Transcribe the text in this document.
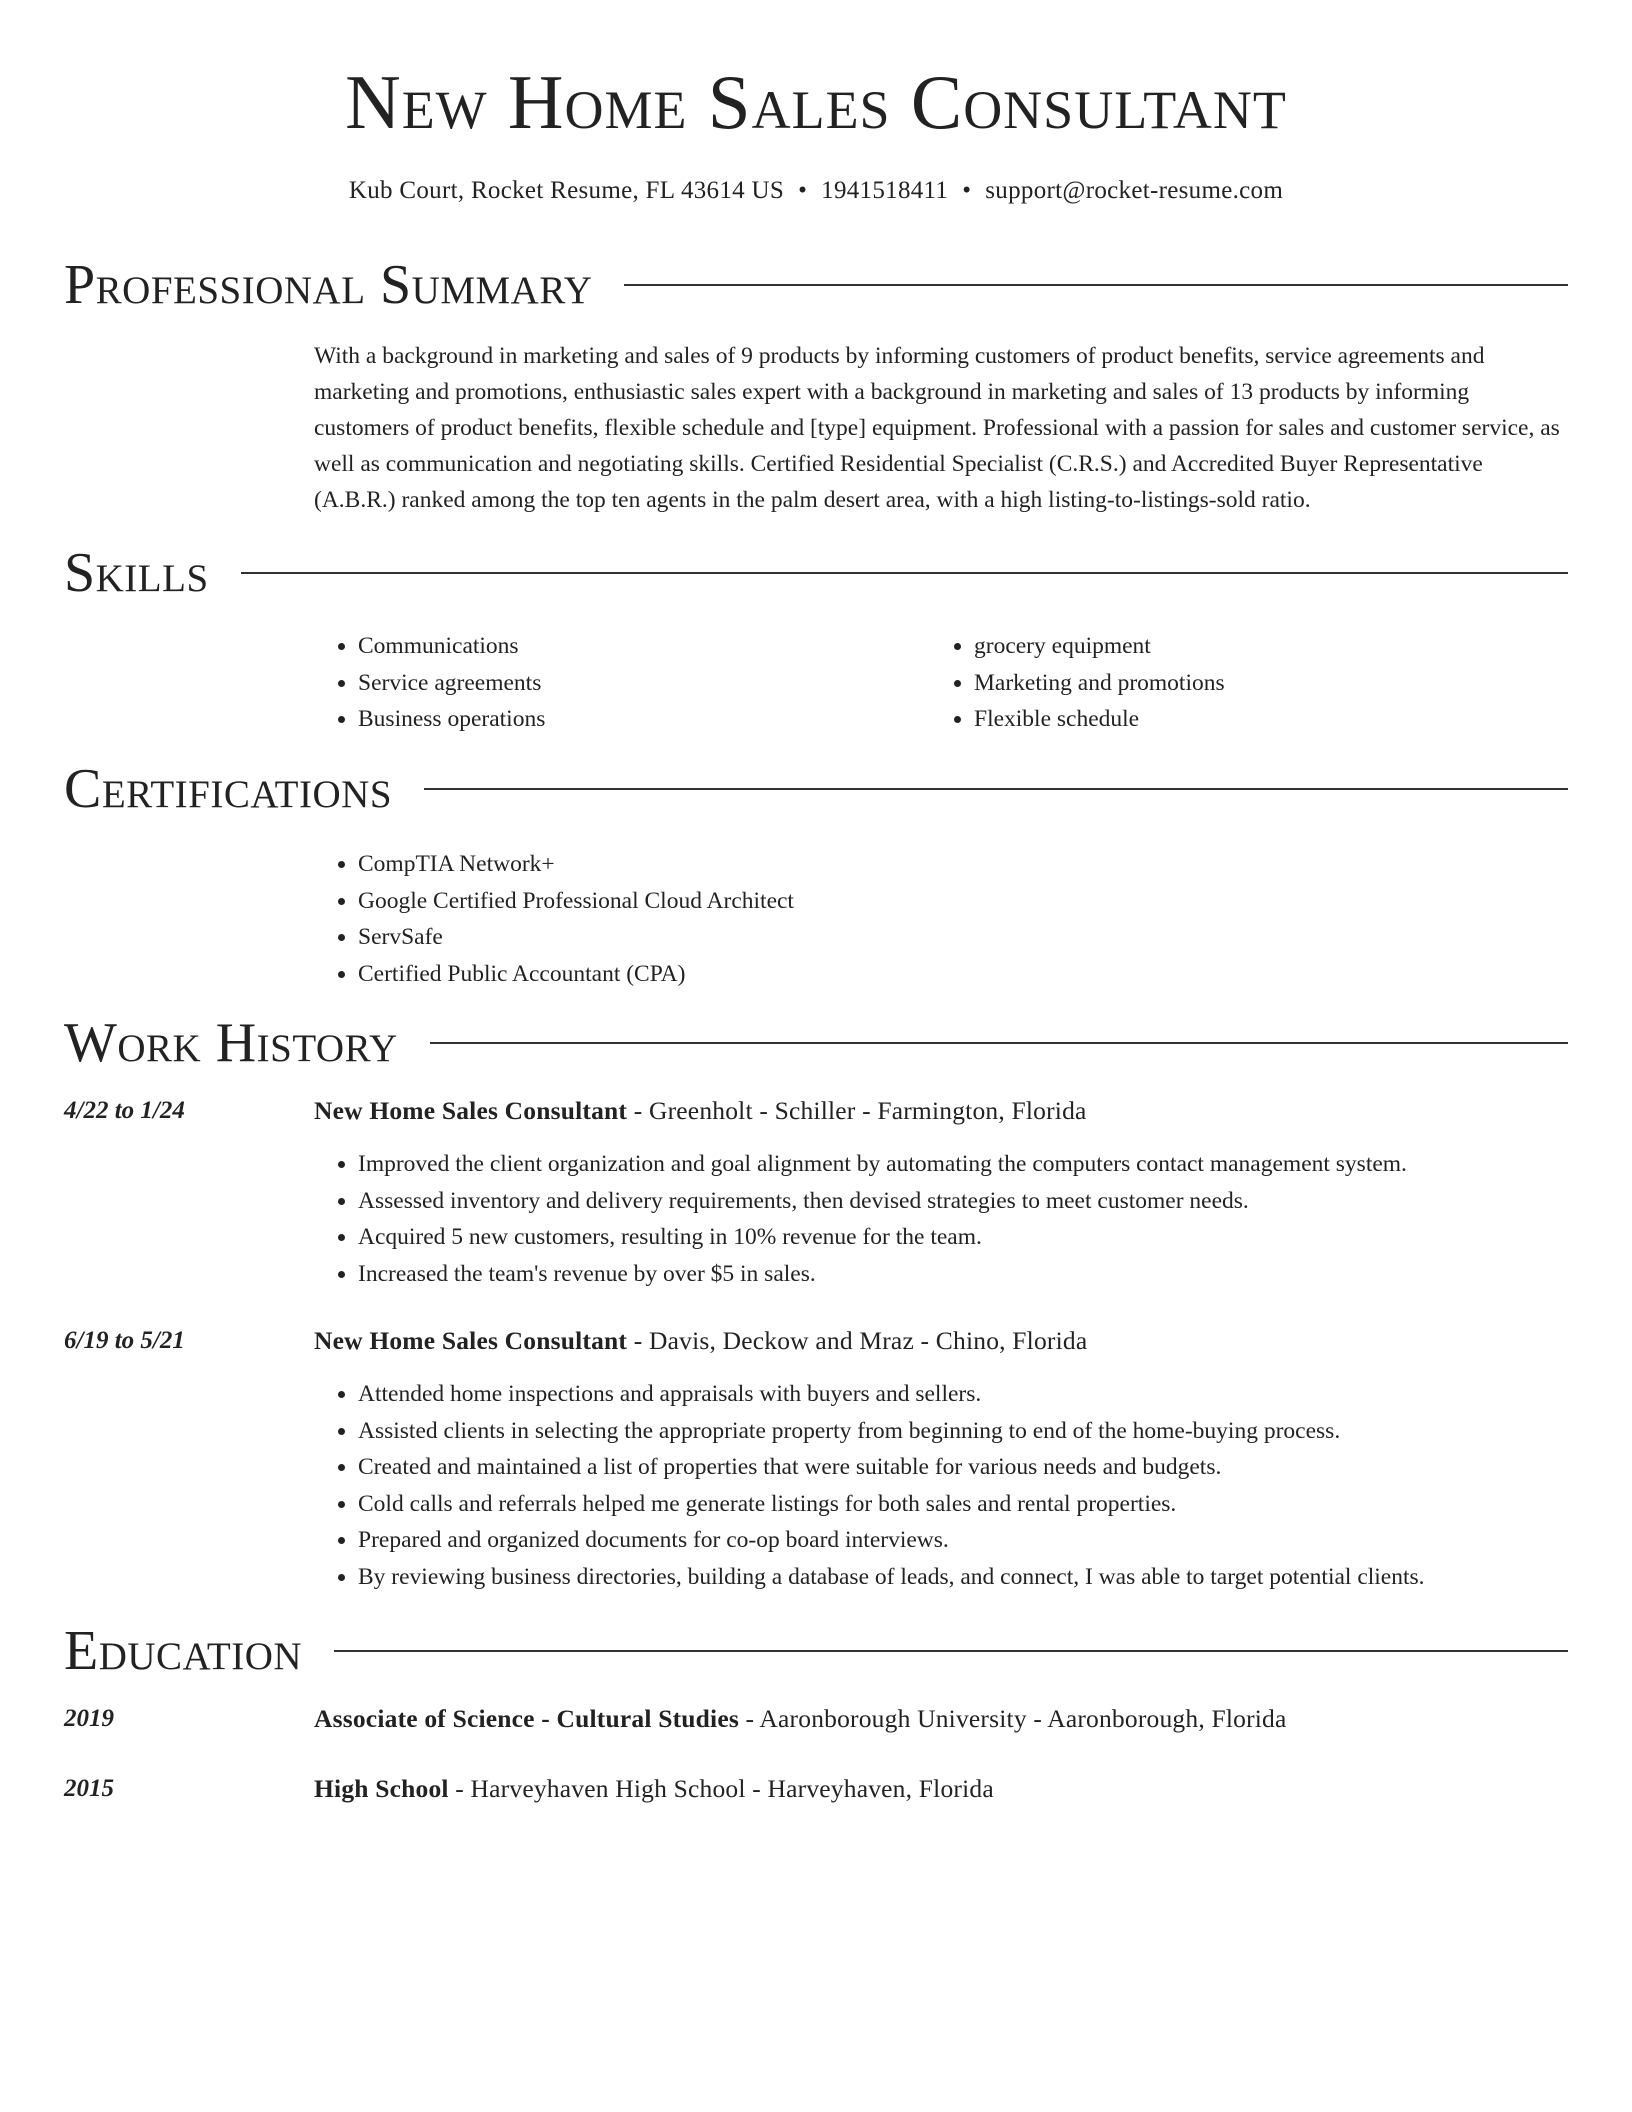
New Home Sales Consultant
Kub Court, Rocket Resume, FL 43614 US • 1941518411 • support@rocket-resume.com
Professional Summary

With a background in marketing and sales of 9 products by informing customers of product benefits, service agreements and marketing and promotions, enthusiastic sales expert with a background in marketing and sales of 13 products by informing customers of product benefits, flexible schedule and [type] equipment. Professional with a passion for sales and customer service, as well as communication and negotiating skills. Certified Residential Specialist (C.R.S.) and Accredited Buyer Representative (A.B.R.) ranked among the top ten agents in the palm desert area, with a high listing-to-listings-sold ratio.

Skills
• Communications
• Service agreements
• Business operations
• grocery equipment
• Marketing and promotions
• Flexible schedule
Certifications
• CompTIA Network+
• Google Certified Professional Cloud Architect
• ServSafe
• Certified Public Accountant (CPA)
Work History
4/22 to 1/24	New Home Sales Consultant - Greenholt - Schiller - Farmington, Florida
• Improved the client organization and goal alignment by automating the computers contact management system.
• Assessed inventory and delivery requirements, then devised strategies to meet customer needs.
• Acquired 5 new customers, resulting in 10% revenue for the team.
• Increased the team's revenue by over $5 in sales.
6/19 to 5/21	New Home Sales Consultant - Davis, Deckow and Mraz - Chino, Florida
• Attended home inspections and appraisals with buyers and sellers.
• Assisted clients in selecting the appropriate property from beginning to end of the home-buying process.
• Created and maintained a list of properties that were suitable for various needs and budgets.
• Cold calls and referrals helped me generate listings for both sales and rental properties.
• Prepared and organized documents for co-op board interviews.
• By reviewing business directories, building a database of leads, and connect, I was able to target potential clients.
Education
2019	Associate of Science - Cultural Studies - Aaronborough University - Aaronborough, Florida
2015	High School - Harveyhaven High School - Harveyhaven, Florida
